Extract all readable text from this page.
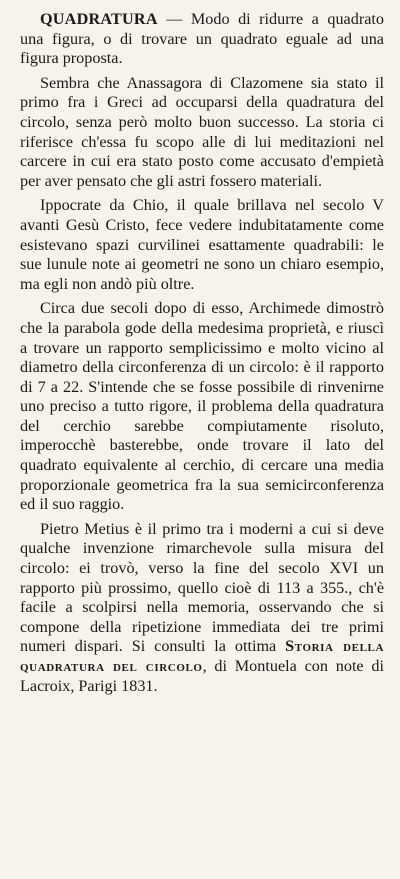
QUADRATURA — Modo di ridurre a quadrato una figura, o di trovare un quadrato eguale ad una figura proposta.

Sembra che Anassagora di Clazomene sia stato il primo fra i Greci ad occuparsi della quadratura del circolo, senza però molto buon successo. La storia ci riferisce ch'essa fu scopo alle di lui meditazioni nel carcere in cui era stato posto come accusato d'empietà per aver pensato che gli astri fossero materiali.

Ippocrate da Chio, il quale brillava nel secolo V avanti Gesù Cristo, fece vedere indubitatamente come esistevano spazi curvilinei esattamente quadrabili: le sue lunule note ai geometri ne sono un chiaro esempio, ma egli non andò più oltre.

Circa due secoli dopo di esso, Archimede dimostrò che la parabola gode della medesima proprietà, e riuscì a trovare un rapporto semplicissimo e molto vicino al diametro della circonferenza di un circolo: è il rapporto di 7 a 22. S'intende che se fosse possibile di rinvenirne uno preciso a tutto rigore, il problema della quadratura del cerchio sarebbe compiutamente risoluto, imperocchè basterebbe, onde trovare il lato del quadrato equivalente al cerchio, di cercare una media proporzionale geometrica fra la sua semicirconferenza ed il suo raggio.

Pietro Metius è il primo tra i moderni a cui si deve qualche invenzione rimarchevole sulla misura del circolo: ei trovò, verso la fine del secolo XVI un rapporto più prossimo, quello cioè di 113 a 355., ch'è facile a scolpirsi nella memoria, osservando che si compone della ripetizione immediata dei tre primi numeri dispari. Si consulti la ottima Storia della quadratura del circolo, di Montuela con note di Lacroix, Parigi 1831.
